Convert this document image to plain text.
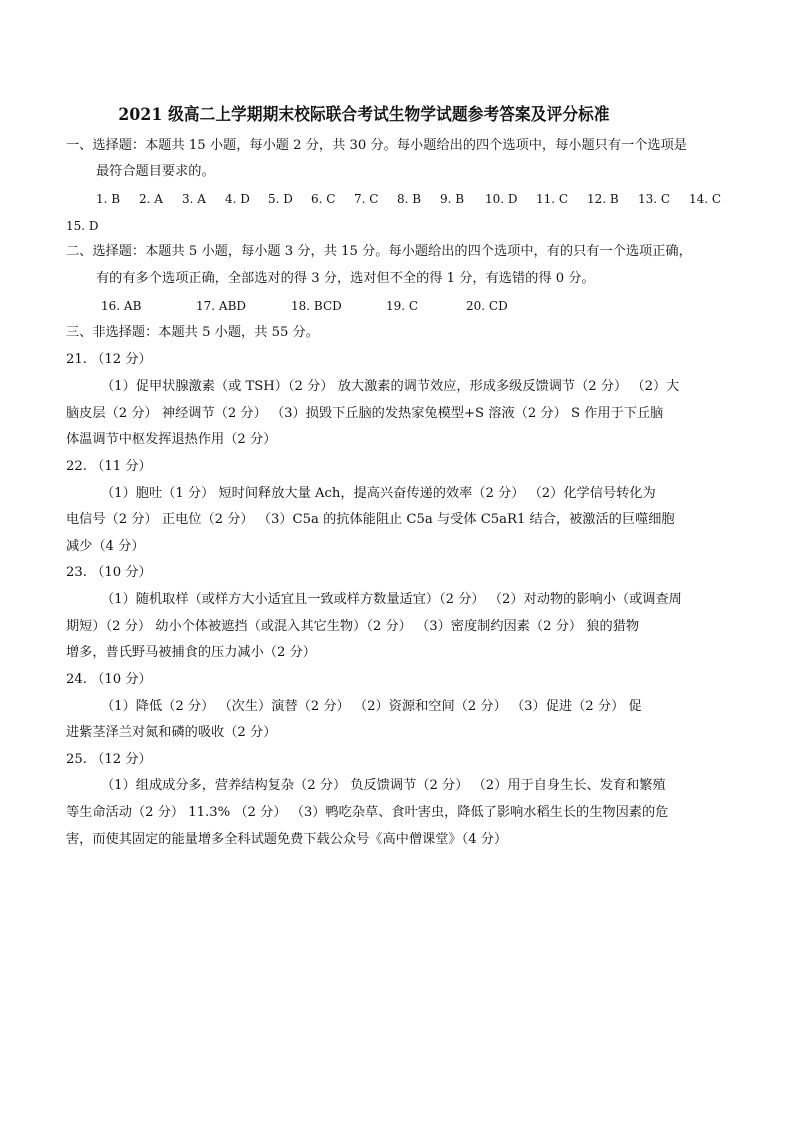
2021 级高二上学期期末校际联合考试生物学试题参考答案及评分标准
一、选择题：本题共 15 小题，每小题 2 分，共 30 分。每小题给出的四个选项中，每小题只有一个选项是
最符合题目要求的。
1. B 2. A 3. A 4. D 5. D 6. C 7. C 8. B 9. B 10. D 11. C 12. B 13. C 14. C
15. D
二、选择题：本题共 5 小题，每小题 3 分，共 15 分。每小题给出的四个选项中，有的只有一个选项正确，
有的有多个选项正确，全部选对的得 3 分，选对但不全的得 1 分，有选错的得 0 分。
16. AB	17. ABD	18. BCD	19. C	20. CD
三、非选择题：本题共 5 小题，共 55 分。
21. （12 分）
（1）促甲状腺激素（或 TSH）（2 分） 放大激素的调节效应，形成多级反馈调节（2 分） （2）大
脑皮层（2 分） 神经调节（2 分） （3）损毁下丘脑的发热家兔模型+S 溶液（2 分） S 作用于下丘脑
体温调节中枢发挥退热作用（2 分）
22. （11 分）
（1）胞吐（1 分） 短时间释放大量 Ach，提高兴奋传递的效率（2 分） （2）化学信号转化为
电信号（2 分） 正电位（2 分） （3）C5a 的抗体能阻止 C5a 与受体 C5aR1 结合，被激活的巨噬细胞
减少（4 分）
23. （10 分）
（1）随机取样（或样方大小适宜且一致或样方数量适宜）（2 分） （2）对动物的影响小（或调查周
期短）（2 分） 幼小个体被遮挡（或混入其它生物）（2 分） （3）密度制约因素（2 分） 狼的猎物
增多，普氏野马被捕食的压力减小（2 分）
24. （10 分）
（1）降低（2 分） （次生）演替（2 分） （2）资源和空间（2 分） （3）促进（2 分） 促
进紫茎泽兰对氮和磷的吸收（2 分）
25. （12 分）
（1）组成成分多，营养结构复杂（2 分） 负反馈调节（2 分） （2）用于自身生长、发育和繁殖
等生命活动（2 分） 11.3% （2 分） （3）鸭吃杂草、食叶害虫，降低了影响水稻生长的生物因素的危
害，而使其固定的能量增多全科试题免费下载公众号《高中僧课堂》（4 分）
